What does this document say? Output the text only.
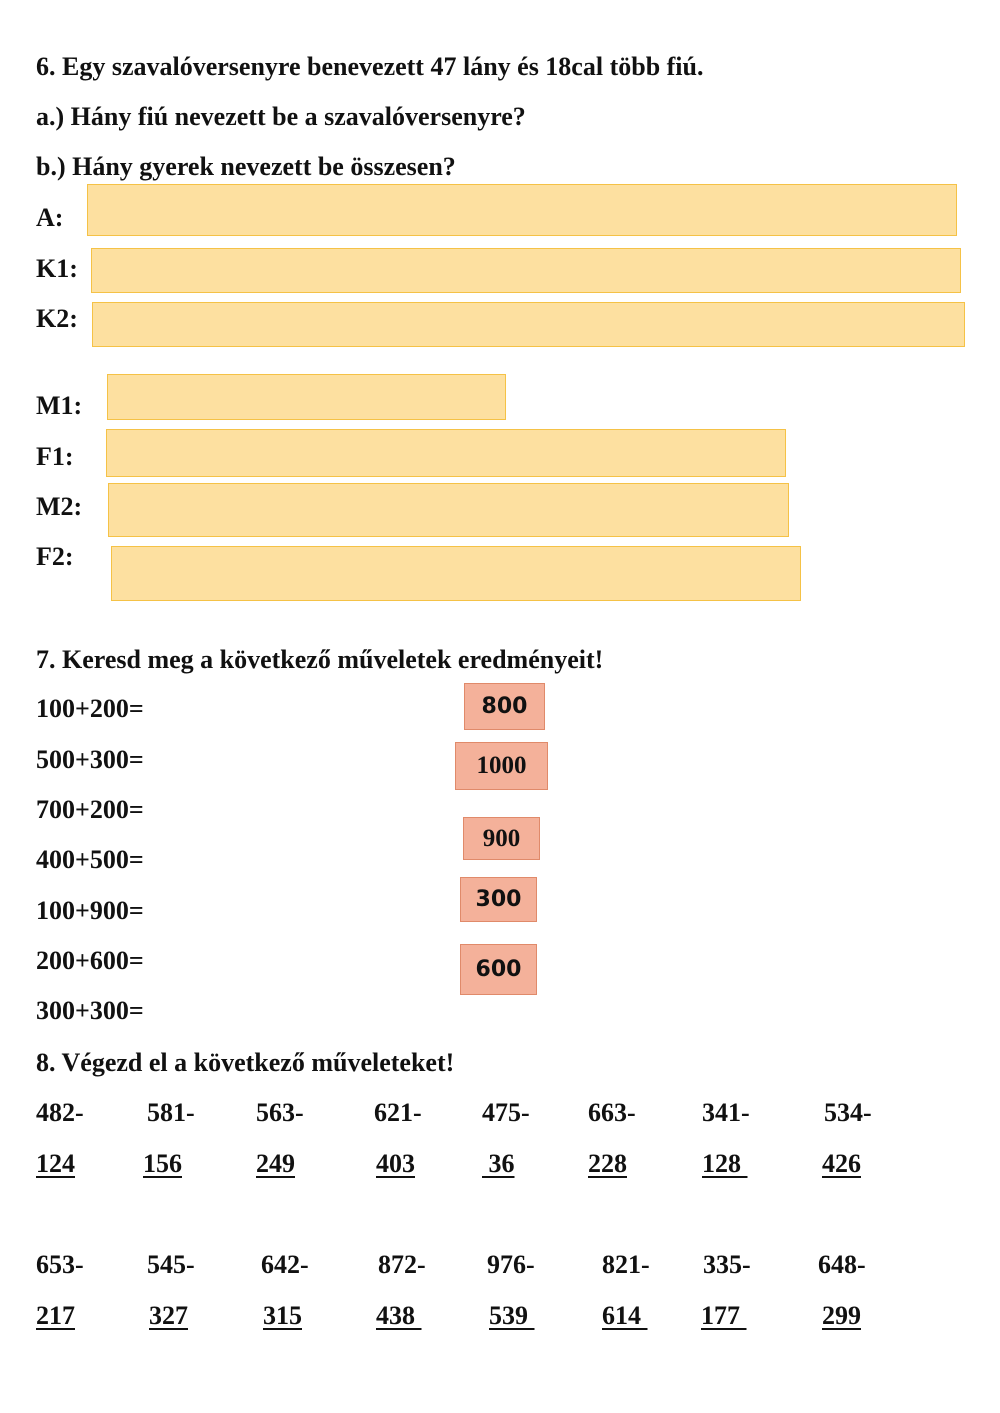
6. Egy szavalóversenyre benevezett 47 lány és 18cal több fiú.
a.) Hány fiú nevezett be a szavalóversenyre?
b.) Hány gyerek nevezett be összesen?
A:
K1:
K2:
M1:
F1:
M2:
F2:
7. Keresd meg a következő műveletek eredményeit!
100+200=
500+300=
700+200=
400+500=
100+900=
200+600=
300+300=
800
1000
900
300
600
8. Végezd el a következő műveleteket!
482- 581- 563-	621- 475- 663-	341-	534-
124	156	249	403	36	228	128	426
653- 545-	642-	872- 976-	821- 335-	648-
217	327	315	438	539	614 177	299
